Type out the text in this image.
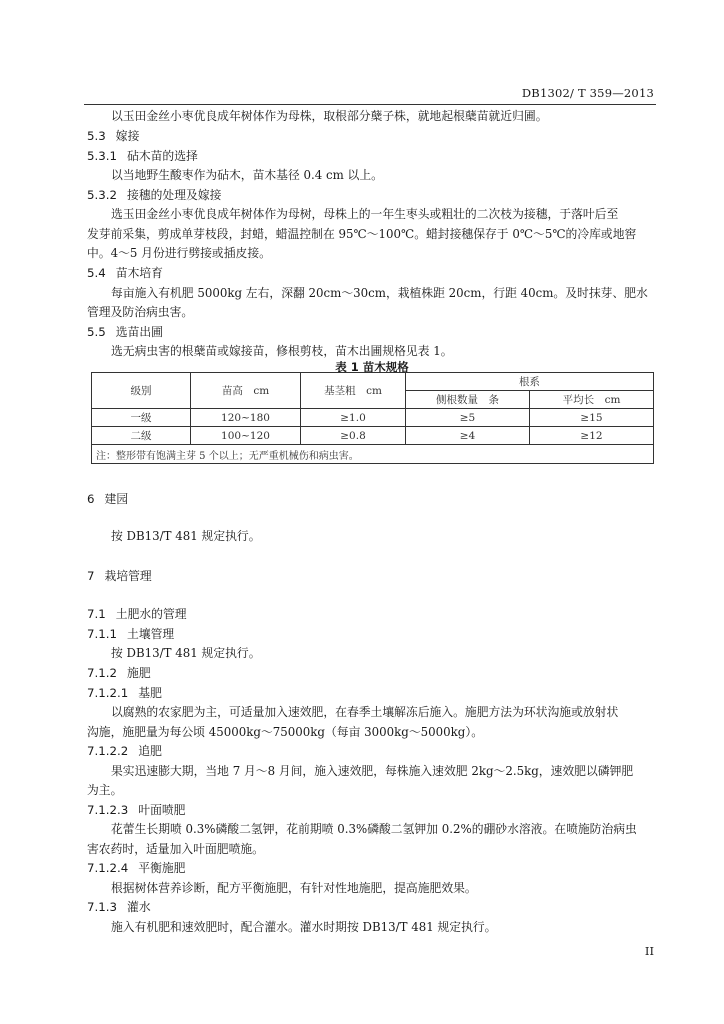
DB1302/ T 359—2013
以玉田金丝小枣优良成年树体作为母株，取根部分蘖子株，就地起根蘖苗就近归圃。
5.3 嫁接
5.3.1 砧木苗的选择
以当地野生酸枣作为砧木，苗木基径 0.4 cm 以上。
5.3.2 接穗的处理及嫁接
选玉田金丝小枣优良成年树体作为母树，母株上的一年生枣头或粗壮的二次枝为接穗，于落叶后至
发芽前采集，剪成单芽枝段，封蜡，蜡温控制在 95℃～100℃。蜡封接穗保存于 0℃～5℃的冷库或地窖
中。4～5 月份进行劈接或插皮接。
5.4 苗木培育
每亩施入有机肥 5000kg 左右，深翻 20cm～30cm，栽植株距 20cm，行距 40cm。及时抹芽、肥水
管理及防治病虫害。
5.5 选苗出圃
选无病虫害的根蘖苗或嫁接苗，修根剪枝，苗木出圃规格见表 1。
表 1 苗木规格
级别	苗高　cm	基茎粗　cm	根系	
			侧根数量　条	平均长　cm
一级	120~180	≥1.0	≥5	≥15
二级	100~120	≥0.8	≥4	≥12
注：整形带有饱满主芽 5 个以上；无严重机械伤和病虫害。				
6 建园
按 DB13/T 481 规定执行。
7 栽培管理
7.1 土肥水的管理
7.1.1 土壤管理
按 DB13/T 481 规定执行。
7.1.2 施肥
7.1.2.1 基肥
以腐熟的农家肥为主，可适量加入速效肥，在春季土壤解冻后施入。施肥方法为环状沟施或放射状
沟施，施肥量为每公顷 45000kg～75000kg（每亩 3000kg～5000kg）。
7.1.2.2 追肥
果实迅速膨大期，当地 7 月～8 月间，施入速效肥，每株施入速效肥 2kg～2.5kg，速效肥以磷钾肥
为主。
7.1.2.3 叶面喷肥
花蕾生长期喷 0.3%磷酸二氢钾，花前期喷 0.3%磷酸二氢钾加 0.2%的硼砂水溶液。在喷施防治病虫
害农药时，适量加入叶面肥喷施。
7.1.2.4 平衡施肥
根据树体营养诊断，配方平衡施肥，有针对性地施肥，提高施肥效果。
7.1.3 灌水
施入有机肥和速效肥时，配合灌水。灌水时期按 DB13/T 481 规定执行。
II
